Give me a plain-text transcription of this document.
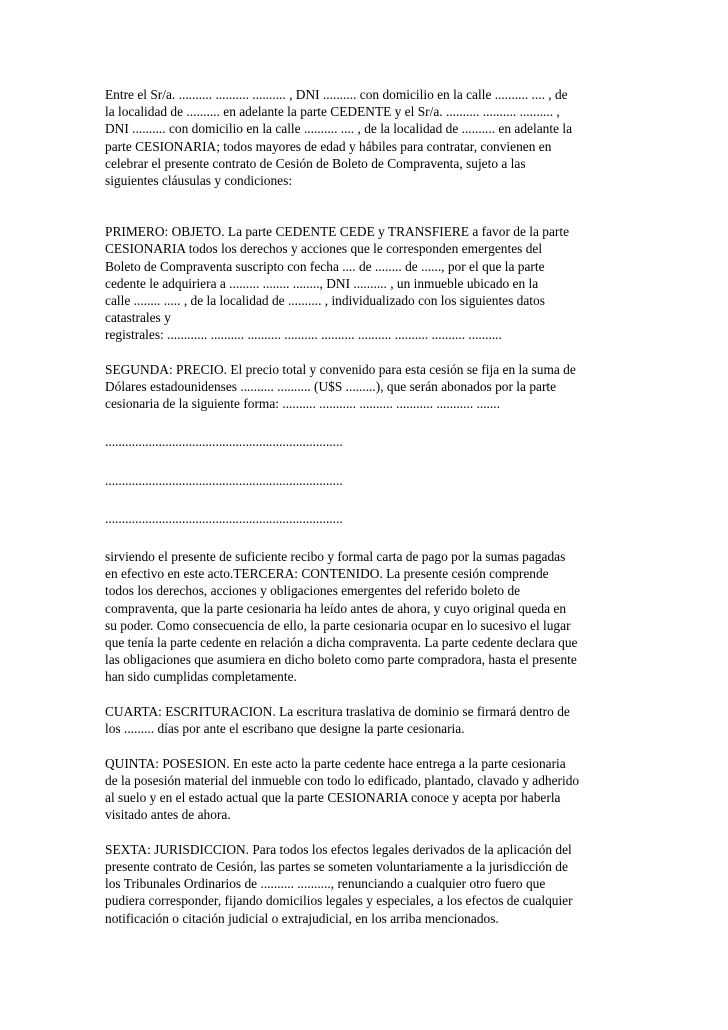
Entre el Sr/a. .......... .......... .......... , DNI .......... con domicilio en la calle .......... .... , de
la localidad de .......... en adelante la parte CEDENTE y el Sr/a. .......... .......... .......... ,
DNI .......... con domicilio en la calle .......... .... , de la localidad de .......... en adelante la
parte CESIONARIA; todos mayores de edad y hábiles para contratar, convienen en
celebrar el presente contrato de Cesión de Boleto de Compraventa, sujeto a las
siguientes cláusulas y condiciones:
PRIMERO: OBJETO. La parte CEDENTE CEDE y TRANSFIERE a favor de la parte
CESIONARIA todos los derechos y acciones que le corresponden emergentes del
Boleto de Compraventa suscripto con fecha .... de ........ de ......, por el que la parte
cedente le adquiriera a ......... ........ ........, DNI .......... , un inmueble ubicado en la
calle ........ ..... , de la localidad de .......... , individualizado con los siguientes datos
catastrales y
registrales: ............ .......... .......... .......... .......... .......... .......... .......... ..........
SEGUNDA: PRECIO. El precio total y convenido para esta cesión se fija en la suma de
Dólares estadounidenses .......... .......... (U$S .........), que serán abonados por la parte
cesionaria de la siguiente forma: .......... ........... .......... ........... ........... .......
.......................................................................
.......................................................................
.......................................................................
sirviendo el presente de suficiente recibo y formal carta de pago por la sumas pagadas
en efectivo en este acto.TERCERA: CONTENIDO. La presente cesión comprende
todos los derechos, acciones y obligaciones emergentes del referido boleto de
compraventa, que la parte cesionaria ha leído antes de ahora, y cuyo original queda en
su poder. Como consecuencia de ello, la parte cesionaria ocupar en lo sucesivo el lugar
que tenía la parte cedente en relación a dicha compraventa. La parte cedente declara que
las obligaciones que asumiera en dicho boleto como parte compradora, hasta el presente
han sido cumplidas completamente.
CUARTA: ESCRITURACION. La escritura traslativa de dominio se firmará dentro de
los ......... días por ante el escribano que designe la parte cesionaria.
QUINTA: POSESION. En este acto la parte cedente hace entrega a la parte cesionaria
de la posesión material del inmueble con todo lo edificado, plantado, clavado y adherido
al suelo y en el estado actual que la parte CESIONARIA conoce y acepta por haberla
visitado antes de ahora.
SEXTA: JURISDICCION. Para todos los efectos legales derivados de la aplicación del
presente contrato de Cesión, las partes se someten voluntariamente a la jurisdicción de
los Tribunales Ordinarios de .......... .........., renunciando a cualquier otro fuero que
pudiera corresponder, fijando domicilios legales y especiales, a los efectos de cualquier
notificación o citación judicial o extrajudicial, en los arriba mencionados.
